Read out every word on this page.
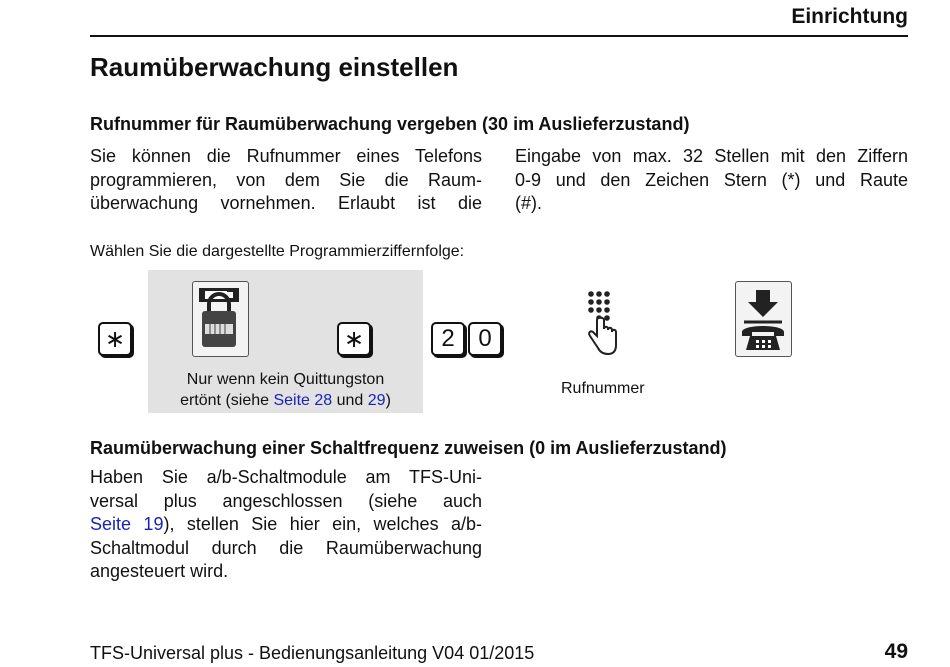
Einrichtung
Raumüberwachung einstellen
Rufnummer für Raumüberwachung vergeben (30 im Auslieferzustand)
Sie können die Rufnummer eines Telefons
programmieren, von dem Sie die Raum-
überwachung vornehmen. Erlaubt ist die
Eingabe von max. 32 Stellen mit den Ziffern
0-9 und den Zeichen Stern (*) und Raute
(#).
Wählen Sie die dargestellte Programmierziffernfolge:
∗	∗	2 0
Nur wenn kein Quittungston
ertönt (siehe Seite 28 und 29)
Rufnummer
Raumüberwachung einer Schaltfrequenz zuweisen (0 im Auslieferzustand)
Haben Sie a/b-Schaltmodule am TFS-Uni-
versal plus angeschlossen (siehe auch
Seite 19), stellen Sie hier ein, welches a/b-
Schaltmodul durch die Raumüberwachung
angesteuert wird.
TFS-Universal plus - Bedienungsanleitung V04 01/2015	49
